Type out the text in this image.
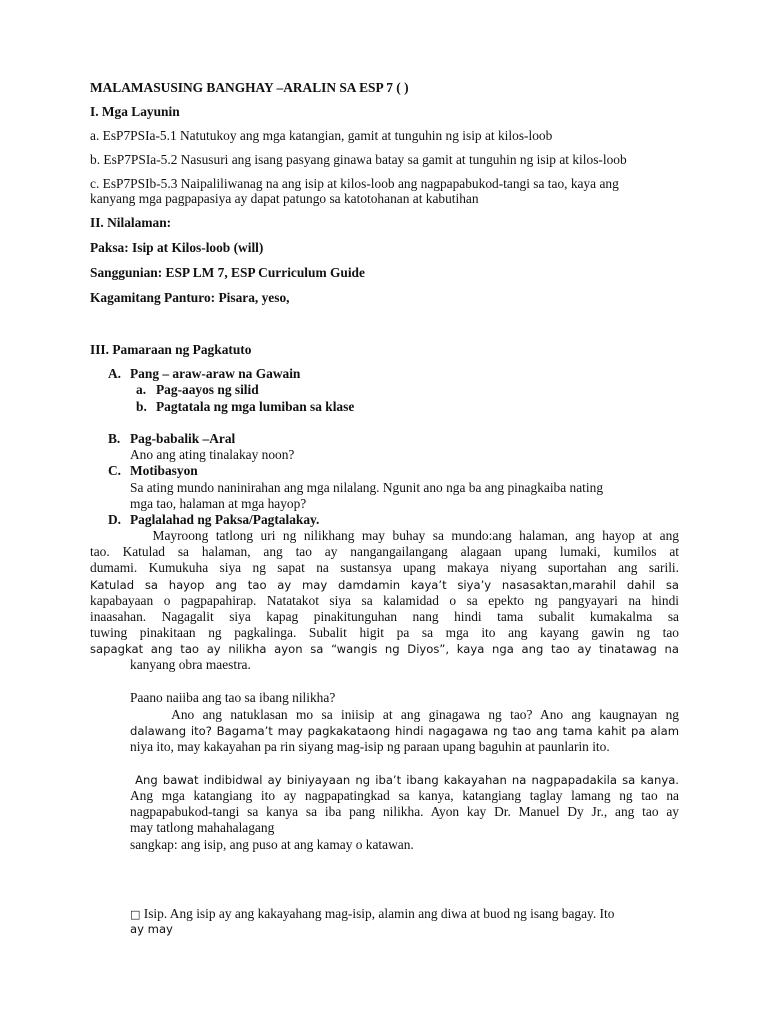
MALAMASUSING BANGHAY –ARALIN SA ESP 7 ( )
I. Mga Layunin
a. EsP7PSIa-5.1 Natutukoy ang mga katangian, gamit at tunguhin ng isip at kilos-loob
b. EsP7PSIa-5.2 Nasusuri ang isang pasyang ginawa batay sa gamit at tunguhin ng isip at kilos-loob
c. EsP7PSIb-5.3 Naipaliliwanag na ang isip at kilos-loob ang nagpapabukod-tangi sa tao, kaya ang
kanyang mga pagpapasiya ay dapat patungo sa katotohanan at kabutihan
II. Nilalaman:
Paksa: Isip at Kilos-loob (will)
Sanggunian: ESP LM 7, ESP Curriculum Guide
Kagamitang Panturo: Pisara, yeso,
III. Pamaraan ng Pagkatuto
A. Pang – araw-araw na Gawain
a. Pag-aayos ng silid
b. Pagtatala ng mga lumiban sa klase
B. Pag-babalik –Aral
Ano ang ating tinalakay noon?
C. Motibasyon
Sa ating mundo naninirahan ang mga nilalang. Ngunit ano nga ba ang pinagkaiba nating
mga tao, halaman at mga hayop?
D. Paglalahad ng Paksa/Pagtalakay.
Mayroong tatlong uri ng nilikhang may buhay sa mundo:ang halaman, ang hayop at ang
tao. Katulad sa halaman, ang tao ay nangangailangang alagaan upang lumaki, kumilos at
dumami. Kumukuha siya ng sapat na sustansya upang makaya niyang suportahan ang sarili.
Katulad sa hayop ang tao ay may damdamin kaya’t siya’y nasasaktan,marahil dahil sa
kapabayaan o pagpapahirap. Natatakot siya sa kalamidad o sa epekto ng pangyayari na hindi
inaasahan. Nagagalit siya kapag pinakitunguhan nang hindi tama subalit kumakalma sa
tuwing pinakitaan ng pagkalinga. Subalit higit pa sa mga ito ang kayang gawin ng tao
sapagkat ang tao ay nilikha ayon sa “wangis ng Diyos”, kaya nga ang tao ay tinatawag na
kanyang obra maestra.
Paano naiiba ang tao sa ibang nilikha?
Ano ang natuklasan mo sa iniisip at ang ginagawa ng tao? Ano ang kaugnayan ng
dalawang ito? Bagama’t may pagkakataong hindi nagagawa ng tao ang tama kahit pa alam
niya ito, may kakayahan pa rin siyang mag-isip ng paraan upang baguhin at paunlarin ito.
Ang bawat indibidwal ay biniyayaan ng iba’t ibang kakayahan na nagpapadakila sa kanya.
Ang mga katangiang ito ay nagpapatingkad sa kanya, katangiang taglay lamang ng tao na
nagpapabukod-tangi sa kanya sa iba pang nilikha. Ayon kay Dr. Manuel Dy Jr., ang tao ay
may tatlong mahahalagang
sangkap: ang isip, ang puso at ang kamay o katawan.
□ Isip. Ang isip ay ang kakayahang mag-isip, alamin ang diwa at buod ng isang bagay. Ito
ay may
